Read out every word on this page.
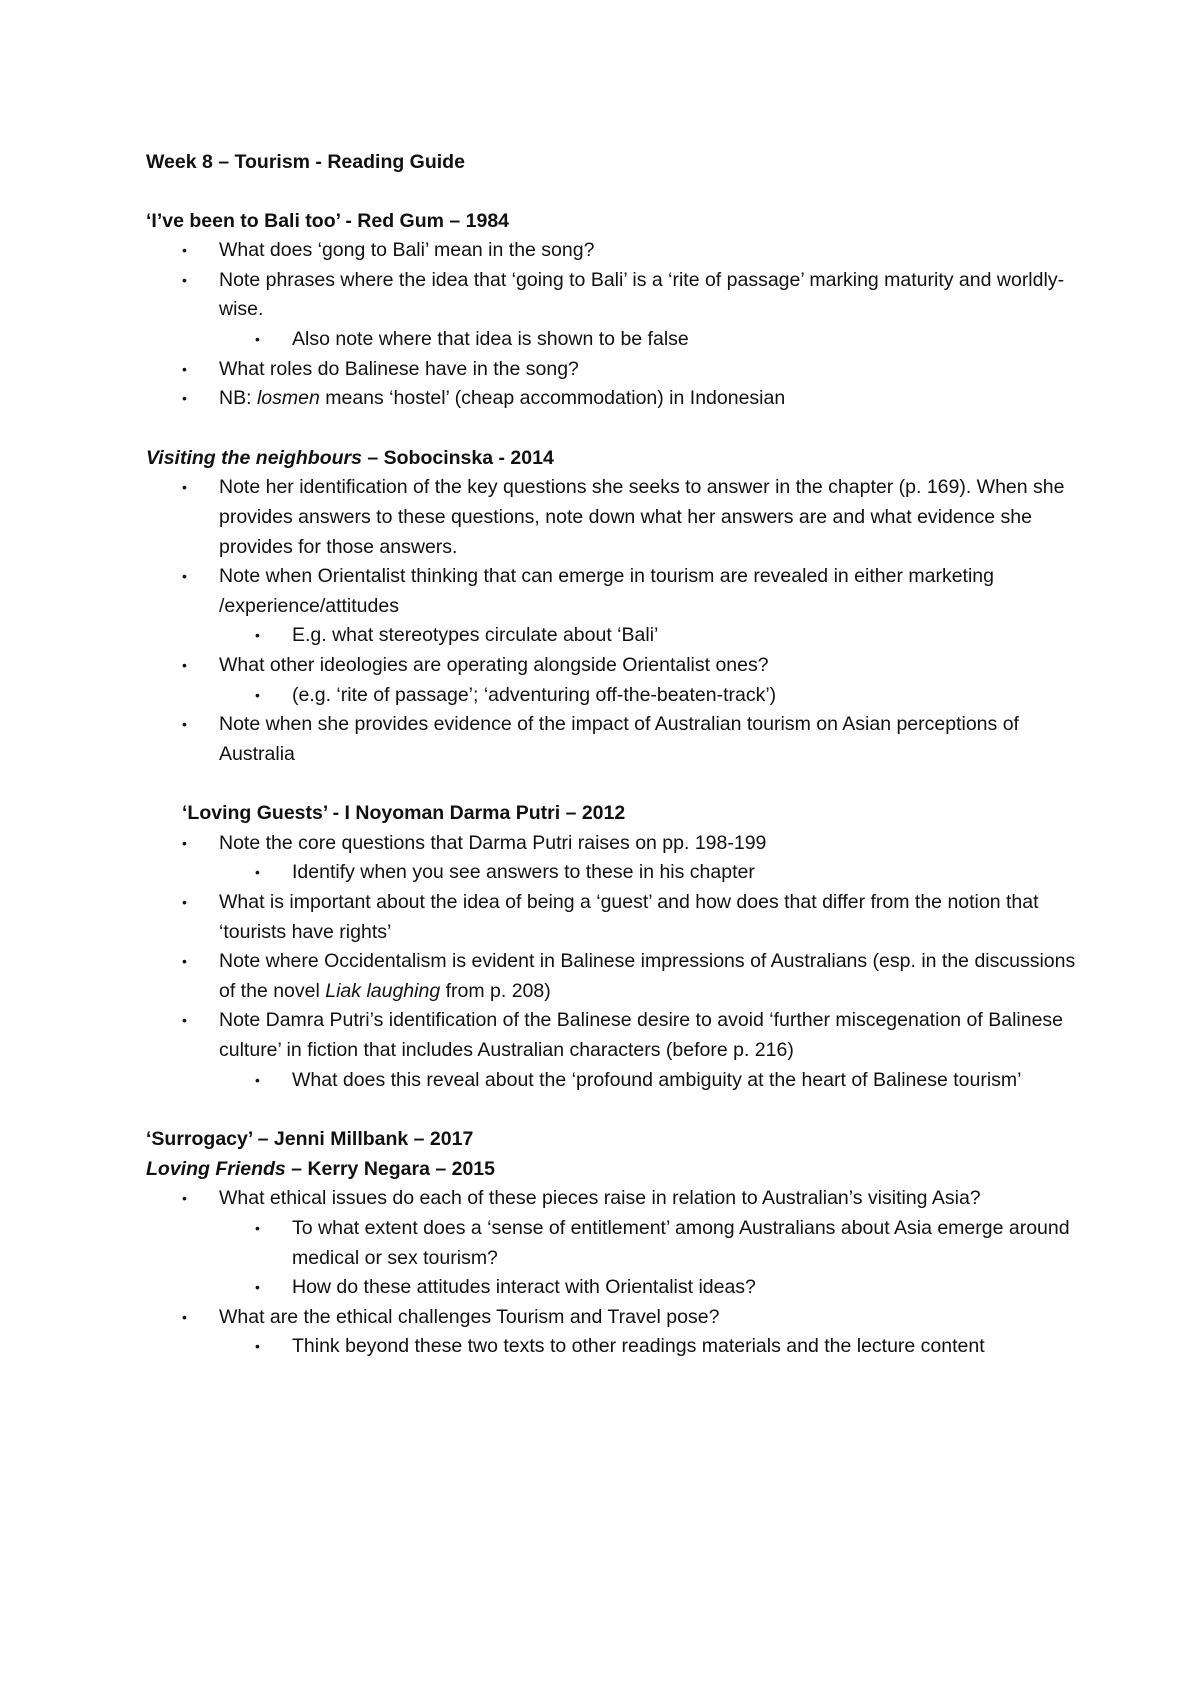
Week 8 – Tourism - Reading Guide
‘I’ve been to Bali too’ - Red Gum – 1984
• What does ‘gong to Bali’ mean in the song?
• Note phrases where the idea that ‘going to Bali’ is a ‘rite of passage’ marking maturity and worldly-wise.
• Also note where that idea is shown to be false
• What roles do Balinese have in the song?
• NB: losmen means ‘hostel’ (cheap accommodation) in Indonesian
Visiting the neighbours – Sobocinska - 2014
• Note her identification of the key questions she seeks to answer in the chapter (p. 169). When she provides answers to these questions, note down what her answers are and what evidence she provides for those answers.
• Note when Orientalist thinking that can emerge in tourism are revealed in either marketing /experience/attitudes
• E.g. what stereotypes circulate about ‘Bali’
• What other ideologies are operating alongside Orientalist ones?
• (e.g. ‘rite of passage’; ‘adventuring off-the-beaten-track’)
• Note when she provides evidence of the impact of Australian tourism on Asian perceptions of Australia
‘Loving Guests’ - I Noyoman Darma Putri – 2012
• Note the core questions that Darma Putri raises on pp. 198-199
• Identify when you see answers to these in his chapter
• What is important about the idea of being a ‘guest’ and how does that differ from the notion that ‘tourists have rights’
• Note where Occidentalism is evident in Balinese impressions of Australians (esp. in the discussions of the novel Liak laughing from p. 208)
• Note Damra Putri’s identification of the Balinese desire to avoid ‘further miscegenation of Balinese culture’ in fiction that includes Australian characters (before p. 216)
• What does this reveal about the ‘profound ambiguity at the heart of Balinese tourism’
‘Surrogacy’ – Jenni Millbank – 2017
Loving Friends – Kerry Negara – 2015
• What ethical issues do each of these pieces raise in relation to Australian’s visiting Asia?
• To what extent does a ‘sense of entitlement’ among Australians about Asia emerge around medical or sex tourism?
• How do these attitudes interact with Orientalist ideas?
• What are the ethical challenges Tourism and Travel pose?
• Think beyond these two texts to other readings materials and the lecture content
